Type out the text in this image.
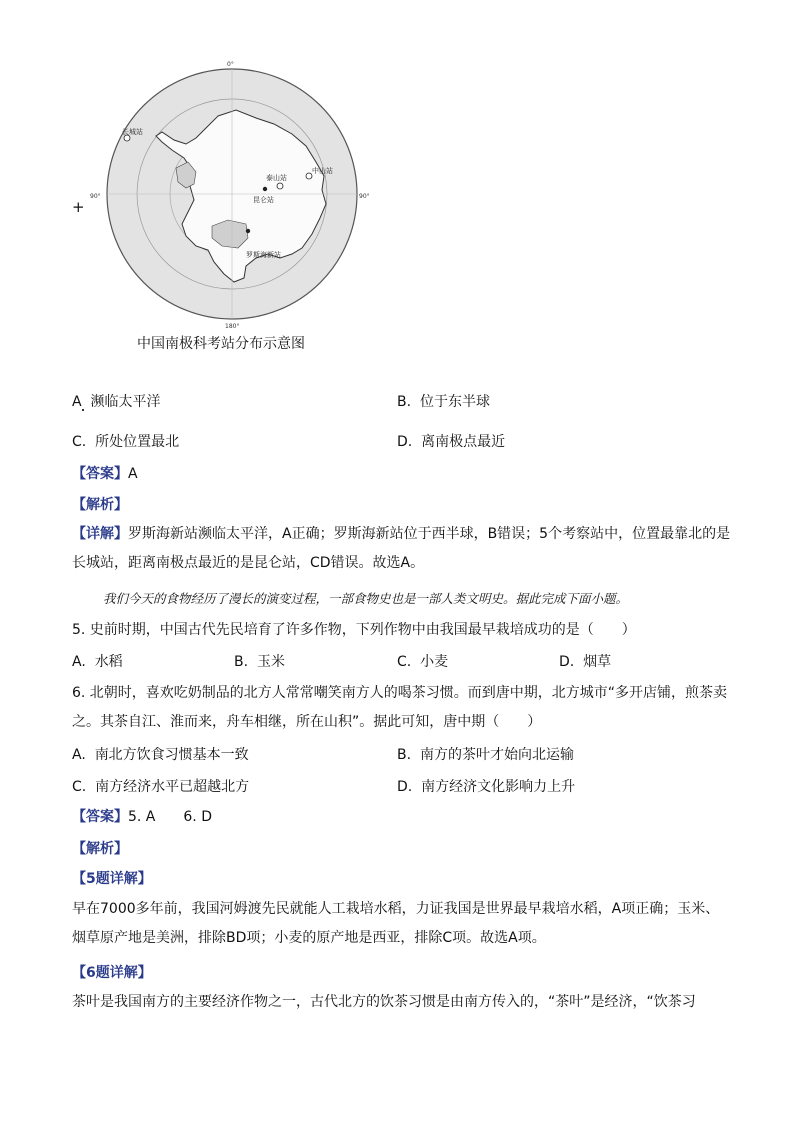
0°
90°	90°
180°
长城站
泰山站
中山站
昆仑站
罗斯海新站
+
中国南极科考站分布示意图
A 濒临太平洋	B.  位于东半球
C.  所处位置最北	D.  离南极点最近
【答案】A
【解析】
【详解】罗斯海新站濒临太平洋，A正确；罗斯海新站位于西半球，B错误；5个考察站中，位置最靠北的是长城站，距离南极点最近的是昆仑站，CD错误。故选A。
我们今天的食物经历了漫长的演变过程，一部食物史也是一部人类文明史。据此完成下面小题。
5. 史前时期，中国古代先民培育了许多作物，下列作物中由我国最早栽培成功的是（　　）
A. 水稻	B. 玉米	C. 小麦	D. 烟草
6. 北朝时，喜欢吃奶制品的北方人常常嘲笑南方人的喝茶习惯。而到唐中期，北方城市“多开店铺，煎茶卖之。其茶自江、淮而来，舟车相继，所在山积”。据此可知，唐中期（　　）
A. 南北方饮食习惯基本一致	B. 南方的茶叶才始向北运输
C. 南方经济水平已超越北方	D. 南方经济文化影响力上升
【答案】5. A　　6. D
【解析】
【5题详解】
早在7000多年前，我国河姆渡先民就能人工栽培水稻，力证我国是世界最早栽培水稻，A项正确；玉米、烟草原产地是美洲，排除BD项；小麦的原产地是西亚，排除C项。故选A项。
【6题详解】
茶叶是我国南方的主要经济作物之一，古代北方的饮茶习惯是由南方传入的，“茶叶”是经济，“饮茶习
